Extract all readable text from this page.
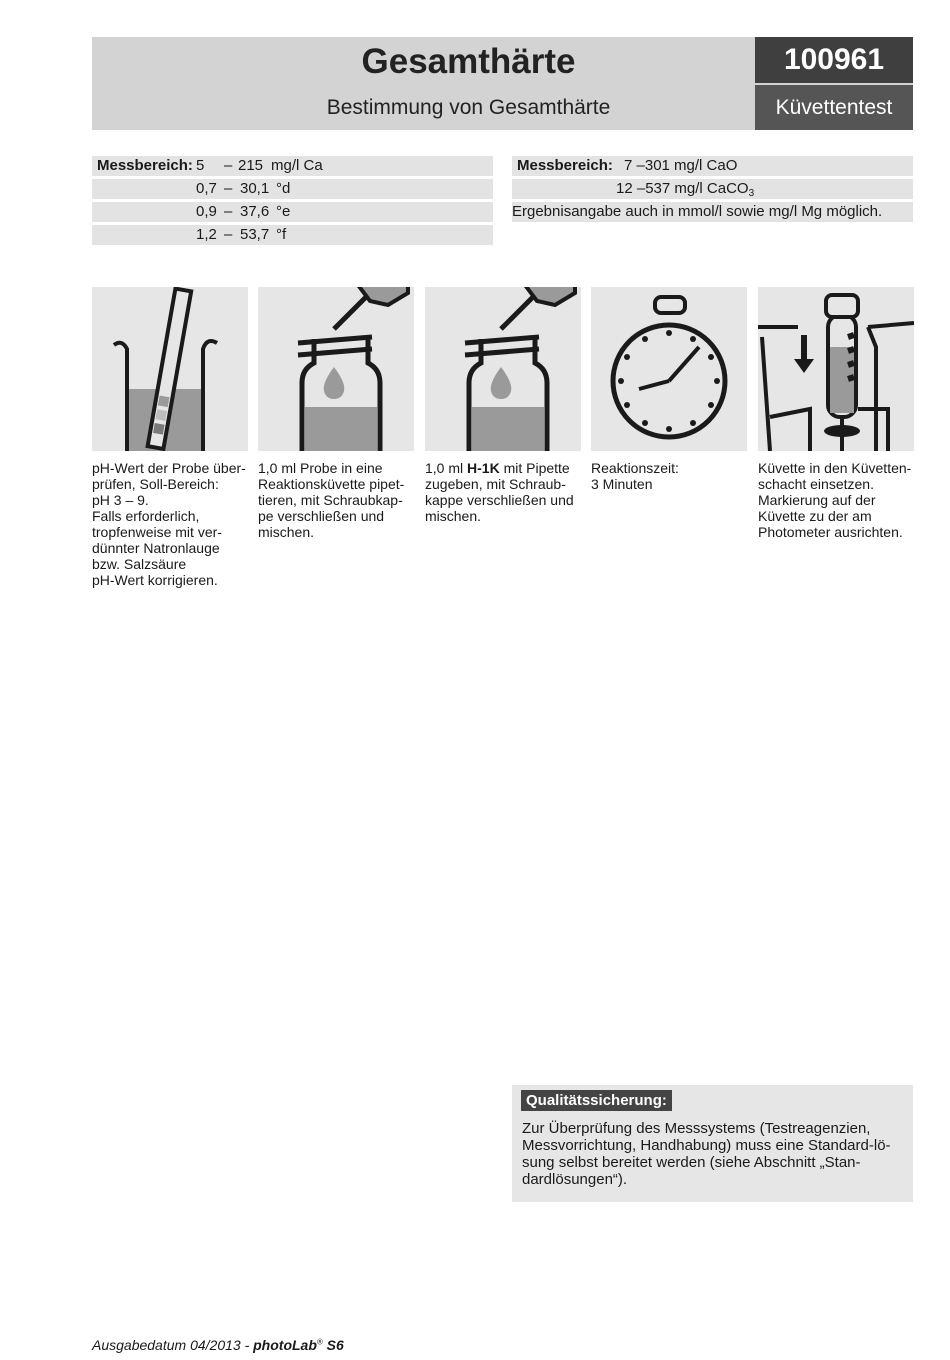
Gesamthärte
Bestimmung von Gesamthärte
100961
Küvettentest
Messbereich: 5 – 215 mg/l Ca
0,7 – 30,1 °d
0,9 – 37,6 °e
1,2 – 53,7 °f
Messbereich: 7 –301 mg/l CaO
12 –537 mg/l CaCO$_3$
Ergebnisangabe auch in mmol/l sowie mg/l Mg möglich.

pH-Wert der Probe über-
prüfen, Soll-Bereich:
pH 3 – 9.
Falls erforderlich,
tropfenweise mit ver-
dünnter Natronlauge
bzw. Salzsäure
pH-Wert korrigieren.

1,0 ml Probe in eine
Reaktionsküvette pipet-
tieren, mit Schraubkap-
pe verschließen und
mischen.

1,0 ml H-1K mit Pipette
zugeben, mit Schraub-
kappe verschließen und
mischen.

Reaktionszeit:
3 Minuten

Küvette in den Küvetten-
schacht einsetzen.
Markierung auf der
Küvette zu der am
Photometer ausrichten.

Qualitätssicherung:
Zur Überprüfung des Messsystems (Testreagenzien,
Messvorrichtung, Handhabung) muss eine Standard-lö-
sung selbst bereitet werden (siehe Abschnitt „Stan-
dardlösungen“).
Ausgabedatum 04/2013 - photoLab® S6
